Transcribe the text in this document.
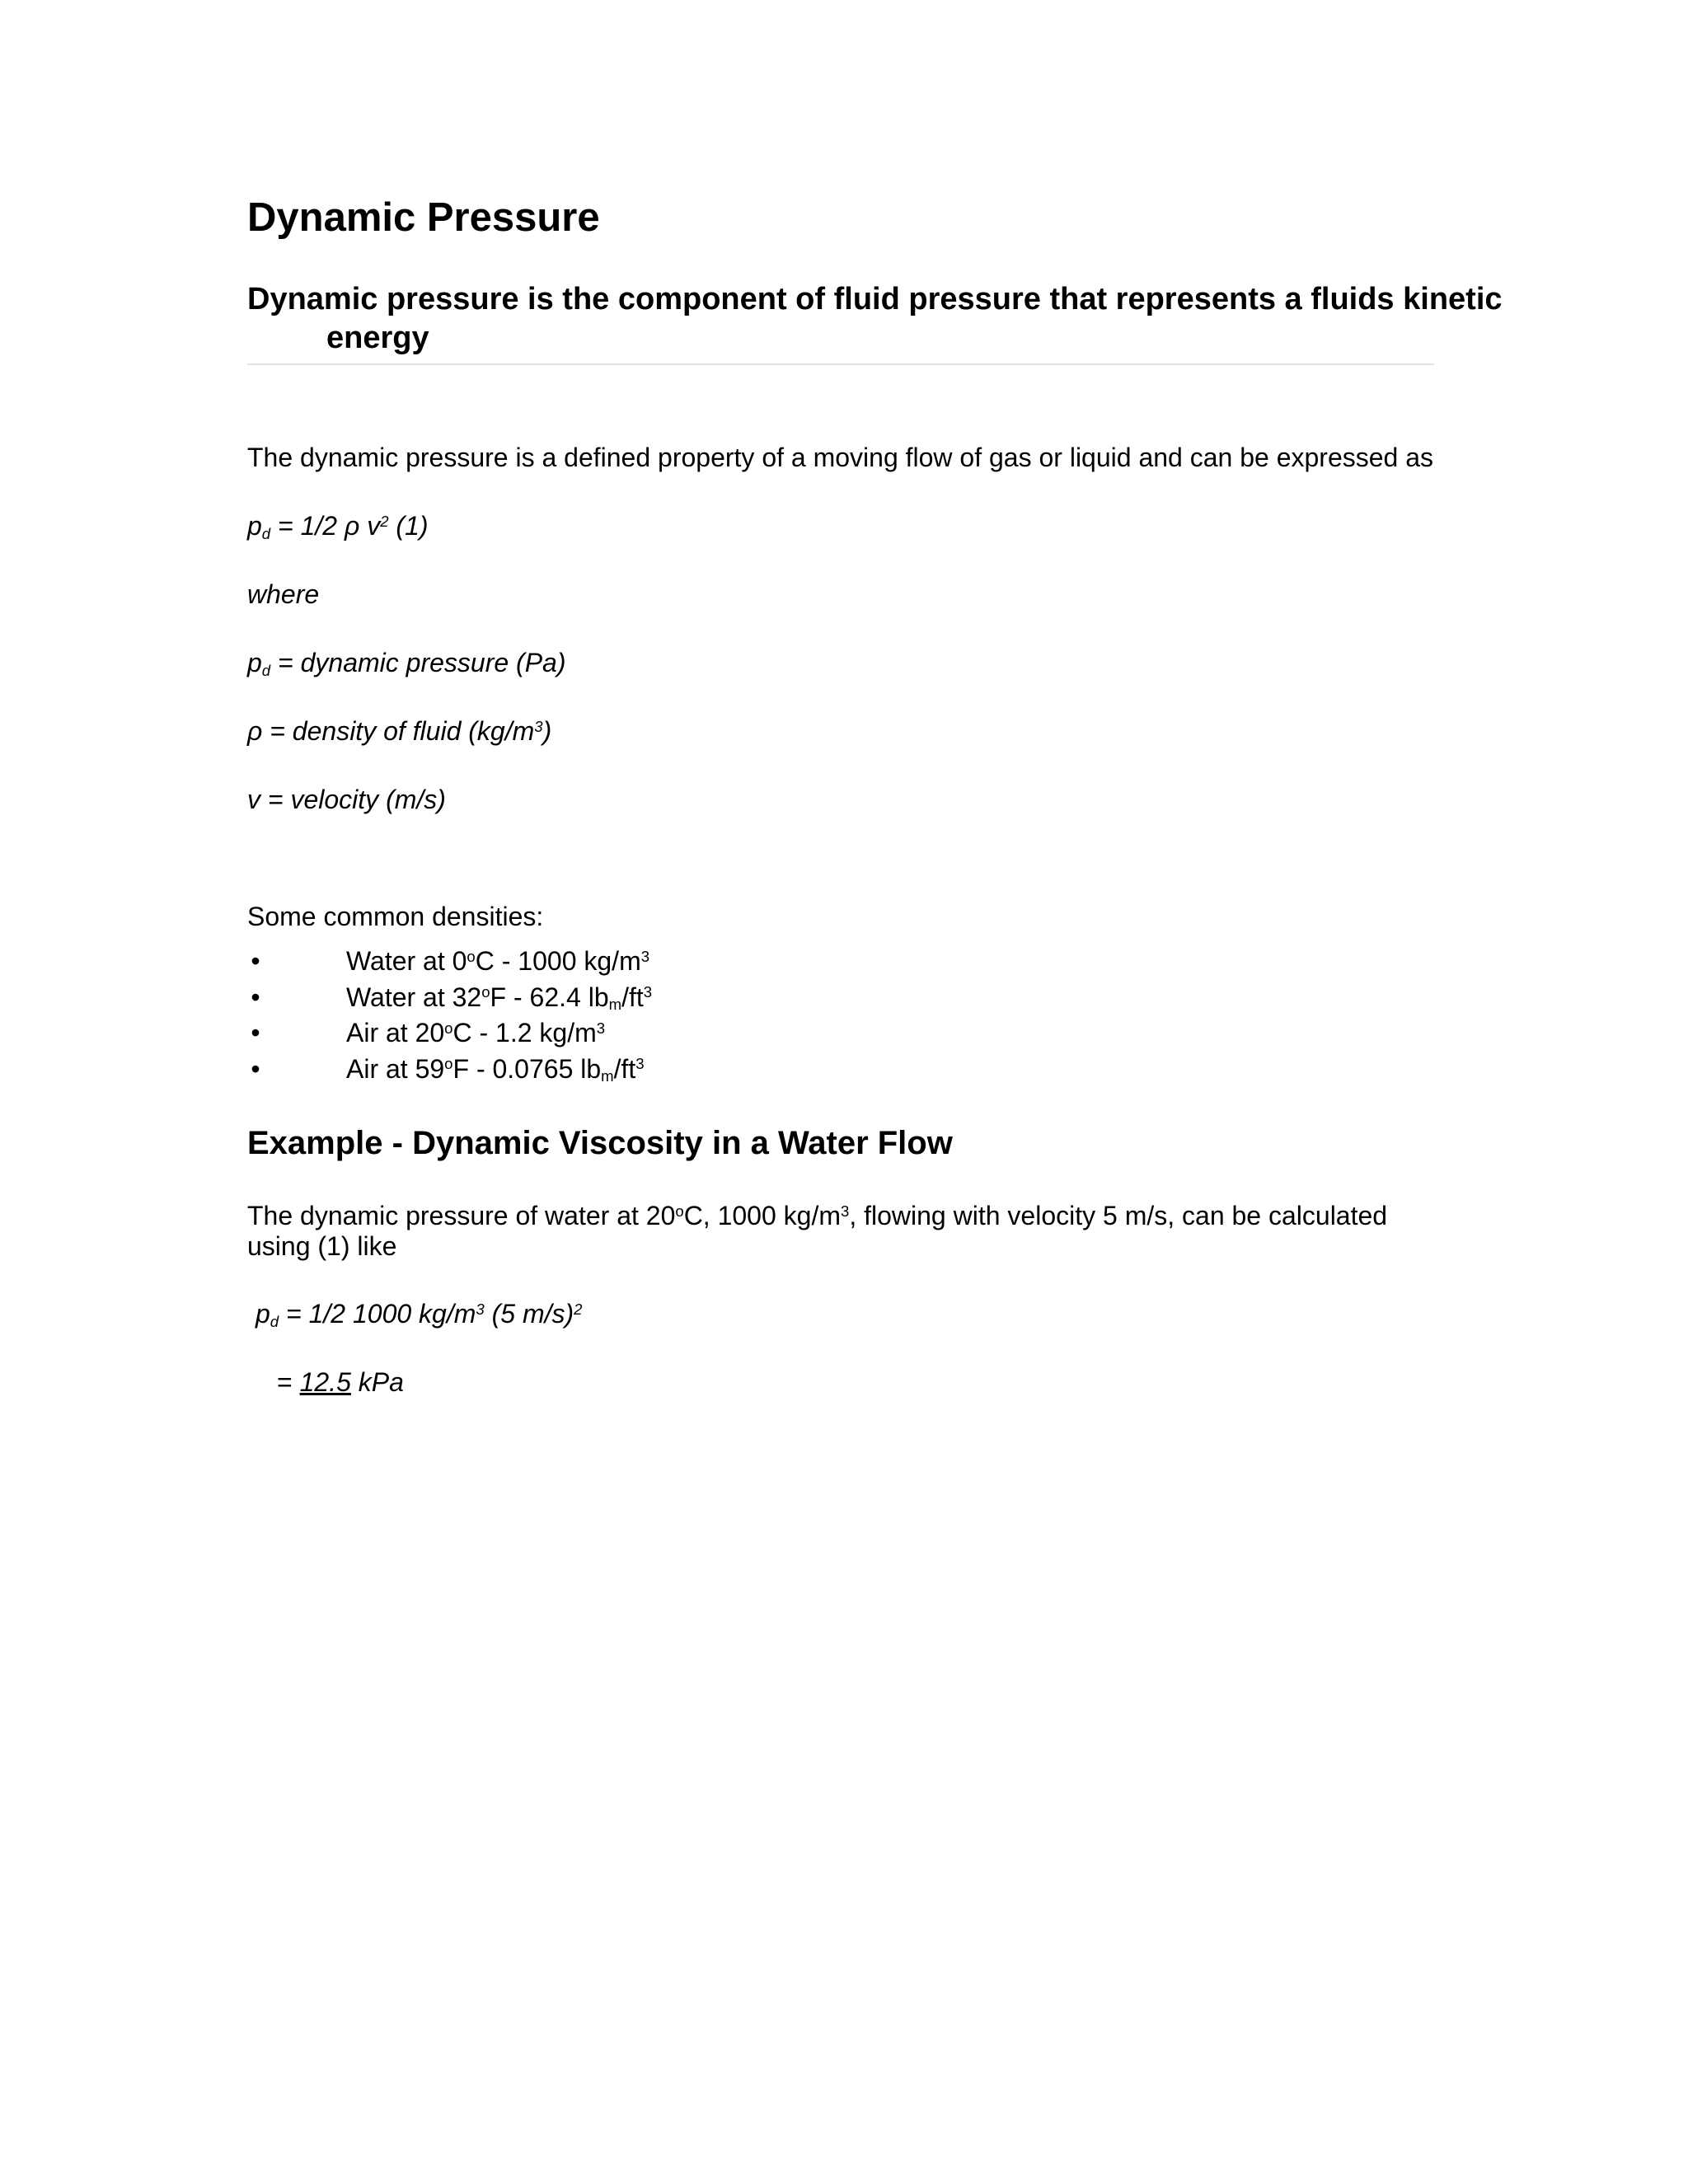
Dynamic Pressure
Dynamic pressure is the component of fluid pressure that represents a fluids kinetic energy
The dynamic pressure is a defined property of a moving flow of gas or liquid and can be expressed as
$p_d = 1/2$ ρ $v^2$ (1)
where
$p_d$ = dynamic pressure (Pa)
ρ = density of fluid $(kg/m^3)$
v = velocity (m/s)
Some common densities:
•	Water at 0$^o$C - 1000 $kg/m^3$
•	Water at 32$^o$F - 62.4 $lb_m/ft^3$
•	Air at 20$^o$C - 1.2 $kg/m^3$
•	Air at 59$^o$F - 0.0765 $lb_m/ft^3$
Example - Dynamic Viscosity in a Water Flow
The dynamic pressure of water at 20$^o$C, 1000 $kg/m^3$, flowing with velocity 5 m/s, can be calculated
using (1) like
$p_d = 1/2$ 1000 $kg/m^3$ (5 m/s)$^2$
= 12.5 kPa
